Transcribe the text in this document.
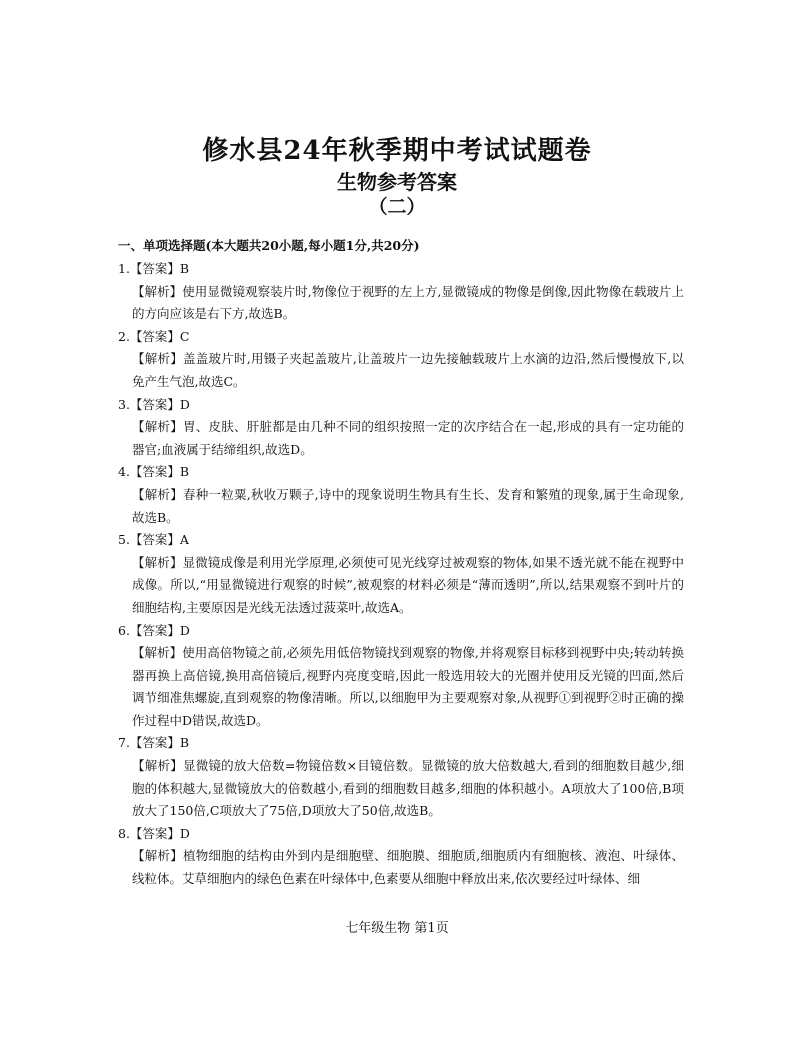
修水县24年秋季期中考试试题卷
生物参考答案
（二）
一、单项选择题(本大题共20小题,每小题1分,共20分)

1.【答案】B

【解析】使用显微镜观察装片时,物像位于视野的左上方,显微镜成的物像是倒像,因此物像在载玻片上的方向应该是右下方,故选B。

2.【答案】C

【解析】盖盖玻片时,用镊子夹起盖玻片,让盖玻片一边先接触载玻片上水滴的边沿,然后慢慢放下,以免产生气泡,故选C。

3.【答案】D

【解析】胃、皮肤、肝脏都是由几种不同的组织按照一定的次序结合在一起,形成的具有一定功能的器官;血液属于结缔组织,故选D。

4.【答案】B

【解析】春种一粒粟,秋收万颗子,诗中的现象说明生物具有生长、发育和繁殖的现象,属于生命现象,故选B。

5.【答案】A

【解析】显微镜成像是利用光学原理,必须使可见光线穿过被观察的物体,如果不透光就不能在视野中成像。所以,“用显微镜进行观察的时候”,被观察的材料必须是“薄而透明”,所以,结果观察不到叶片的细胞结构,主要原因是光线无法透过菠菜叶,故选A。

6.【答案】D

【解析】使用高倍物镜之前,必须先用低倍物镜找到观察的物像,并将观察目标移到视野中央;转动转换器再换上高倍镜,换用高倍镜后,视野内亮度变暗,因此一般选用较大的光圈并使用反光镜的凹面,然后调节细准焦螺旋,直到观察的物像清晰。所以,以细胞甲为主要观察对象,从视野①到视野②时正确的操作过程中D错误,故选D。

7.【答案】B

【解析】显微镜的放大倍数=物镜倍数×目镜倍数。显微镜的放大倍数越大,看到的细胞数目越少,细胞的体积越大,显微镜放大的倍数越小,看到的细胞数目越多,细胞的体积越小。A项放大了100倍,B项放大了150倍,C项放大了75倍,D项放大了50倍,故选B。

8.【答案】D

【解析】植物细胞的结构由外到内是细胞壁、细胞膜、细胞质,细胞质内有细胞核、液泡、叶绿体、线粒体。艾草细胞内的绿色色素在叶绿体中,色素要从细胞中释放出来,依次要经过叶绿体、细

七年级生物 第1页
